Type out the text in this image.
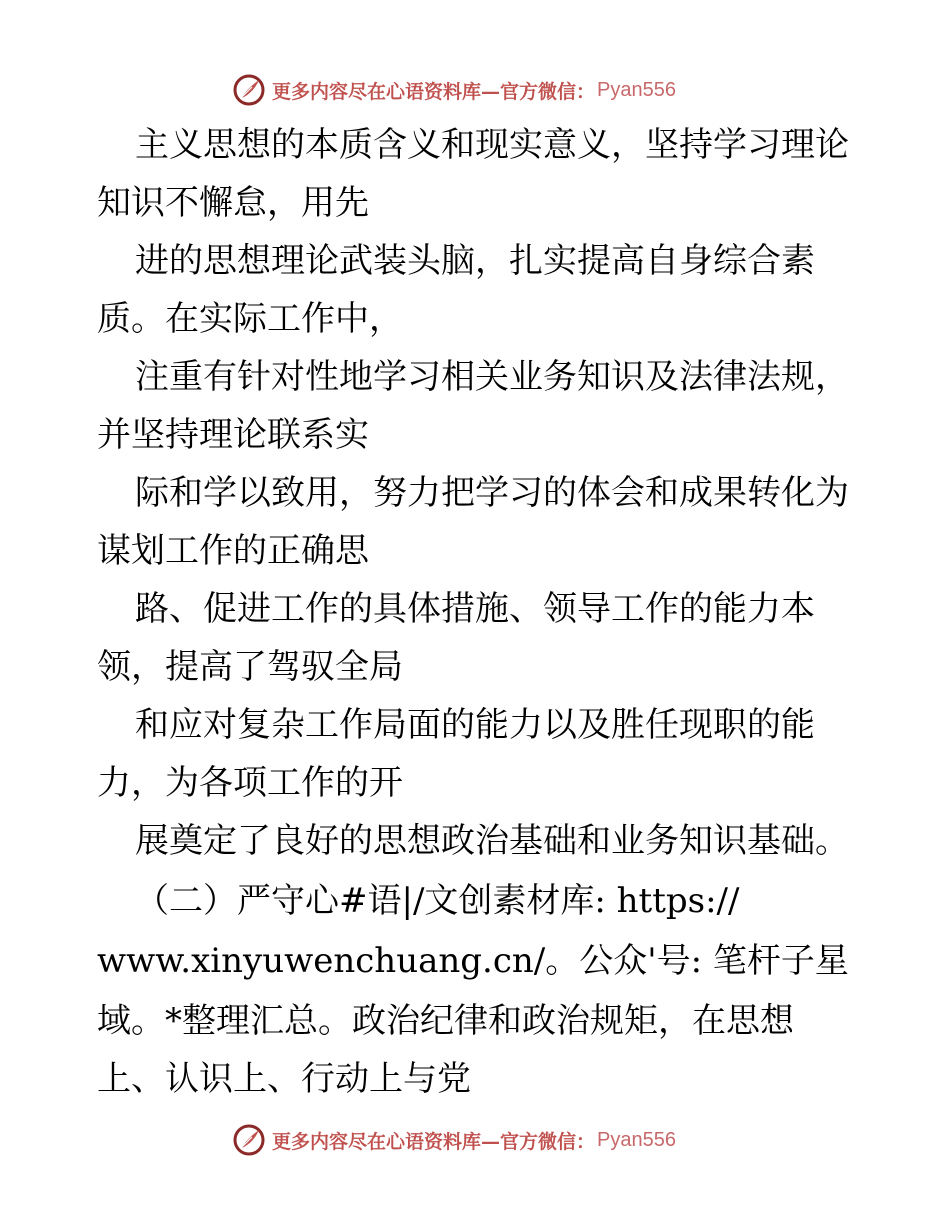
更多内容尽在心语资料库—官方微信： Pyan556
主义思想的本质含义和现实意义，坚持学习理论
知识不懈怠，用先
进的思想理论武装头脑，扎实提高自身综合素
质。在实际工作中，
注重有针对性地学习相关业务知识及法律法规，
并坚持理论联系实
际和学以致用，努力把学习的体会和成果转化为
谋划工作的正确思
路、促进工作的具体措施、领导工作的能力本
领，提高了驾驭全局
和应对复杂工作局面的能力以及胜任现职的能
力，为各项工作的开
展奠定了良好的思想政治基础和业务知识基础。
（二）严守心#语|/文创素材库: https://
www.xinyuwenchuang.cn/。公众'号: 笔杆子星
域。*整理汇总。政治纪律和政治规矩，在思想
上、认识上、行动上与党
更多内容尽在心语资料库—官方微信： Pyan556
